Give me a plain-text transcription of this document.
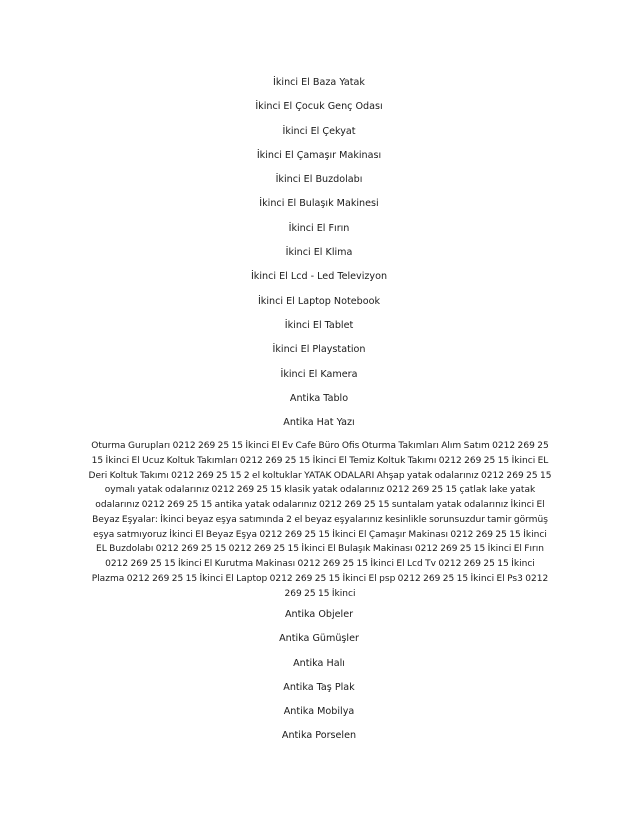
İkinci El Baza Yatak
İkinci El Çocuk Genç Odası
İkinci El Çekyat
İkinci El Çamaşır Makinası
İkinci El Buzdolabı
İkinci El Bulaşık Makinesi
İkinci El Fırın
İkinci El Klima
İkinci El Lcd - Led Televizyon
İkinci El Laptop Notebook
İkinci El Tablet
İkinci El Playstation
İkinci El Kamera
Antika Tablo
Antika Hat Yazı

Oturma Gurupları 0212 269 25 15 İkinci El Ev Cafe Büro Ofis Oturma Takımları Alım Satım 0212 269 25 15 İkinci El Ucuz Koltuk Takımları 0212 269 25 15 İkinci El Temiz Koltuk Takımı 0212 269 25 15 İkinci EL Deri Koltuk Takımı 0212 269 25 15 2 el koltuklar YATAK ODALARI Ahşap yatak odalarınız 0212 269 25 15 oymalı yatak odalarınız 0212 269 25 15 klasik yatak odalarınız 0212 269 25 15 çatlak lake yatak odalarınız 0212 269 25 15 antika yatak odalarınız 0212 269 25 15 suntalam yatak odalarınız İkinci El Beyaz Eşyalar: İkinci beyaz eşya satımında 2 el beyaz eşyalarınız kesinlikle sorunsuzdur tamir görmüş eşya satmıyoruz İkinci El Beyaz Eşya 0212 269 25 15 İkinci El Çamaşır Makinası 0212 269 25 15 İkinci EL Buzdolabı 0212 269 25 15 0212 269 25 15 İkinci El Bulaşık Makinası 0212 269 25 15 İkinci El Fırın 0212 269 25 15 İkinci El Kurutma Makinası 0212 269 25 15 İkinci El Lcd Tv 0212 269 25 15 İkinci Plazma 0212 269 25 15 İkinci El Laptop 0212 269 25 15 İkinci El psp 0212 269 25 15 İkinci El Ps3 0212 269 25 15 İkinci

Antika Objeler
Antika Gümüşler
Antika Halı
Antika Taş Plak
Antika Mobilya
Antika Porselen
